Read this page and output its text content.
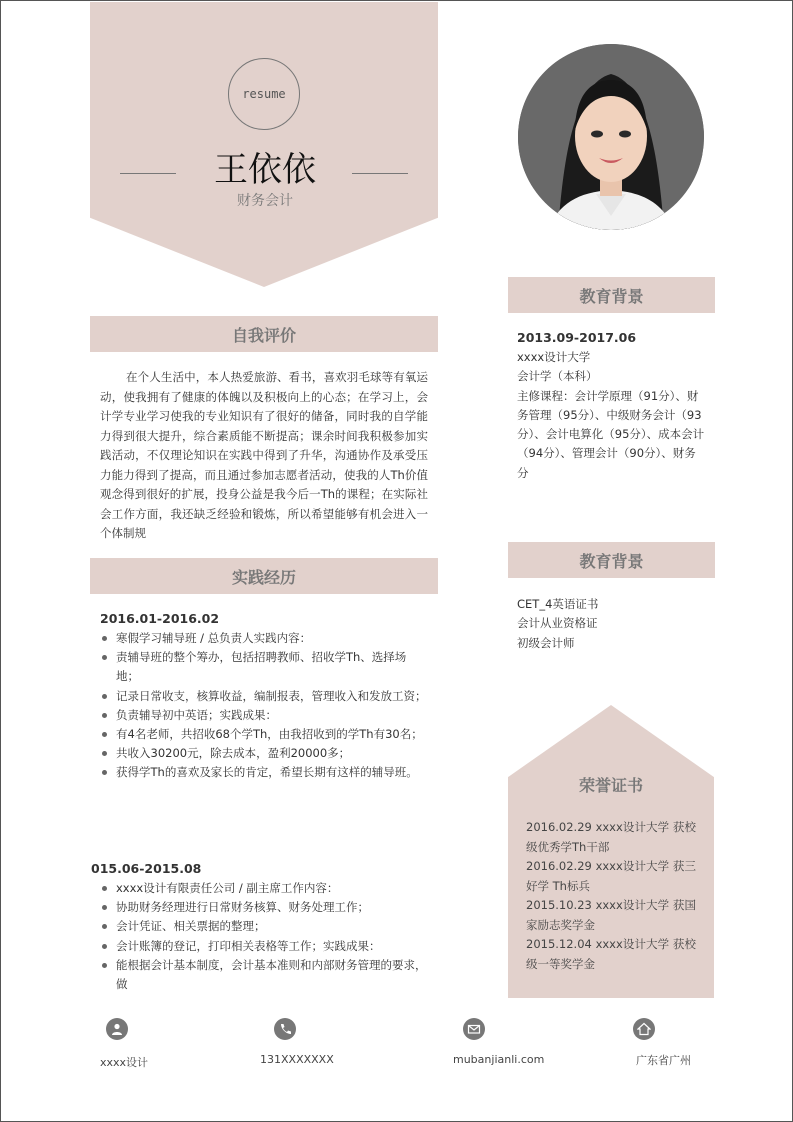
resume
王依依
财务会计
自我评价
在个人生活中，本人热爱旅游、看书，喜欢羽毛球等有氧运动，使我拥有了健康的体魄以及积极向上的心态；在学习上，会计学专业学习使我的专业知识有了很好的储备，同时我的自学能力得到很大提升，综合素质能不断提高；课余时间我积极参加实践活动，不仅理论知识在实践中得到了升华，沟通协作及承受压力能力得到了提高，而且通过参加志愿者活动，使我的人Th价值观念得到很好的扩展，投身公益是我今后一Th的课程；在实际社会工作方面，我还缺乏经验和锻炼，所以希望能够有机会进入一个体制规
实践经历
2016.01-2016.02
寒假学习辅导班 / 总负责人实践内容：
责辅导班的整个筹办，包括招聘教师、招收学Th、选择场地；
记录日常收支，核算收益，编制报表，管理收入和发放工资；
负责辅导初中英语；实践成果：
有4名老师，共招收68个学Th，由我招收到的学Th有30名；
共收入30200元，除去成本，盈利20000多；
获得学Th的喜欢及家长的肯定，希望长期有这样的辅导班。
015.06-2015.08
xxxx设计有限责任公司 / 副主席工作内容：
协助财务经理进行日常财务核算、财务处理工作；
会计凭证、相关票据的整理；
会计账簿的登记，打印相关表格等工作；实践成果：
能根据会计基本制度，会计基本准则和内部财务管理的要求，做
教育背景
2013.09-2017.06
xxxx设计大学
会计学（本科）
主修课程：会计学原理（91分）、财务管理（95分）、中级财务会计（93
分）、会计电算化（95分）、成本会计
（94分）、管理会计（90分）、财务分
教育背景
CET_4英语证书
会计从业资格证
初级会计师
荣誉证书
2016.02.29 xxxx设计大学 获校级优秀学Th干部
2016.02.29 xxxx设计大学 获三好学 Th标兵
2015.10.23 xxxx设计大学 获国家励志奖学金
2015.12.04 xxxx设计大学 获校级一等奖学金
xxxx设计	131XXXXXXX	mubanjianli.com	广东省广州
